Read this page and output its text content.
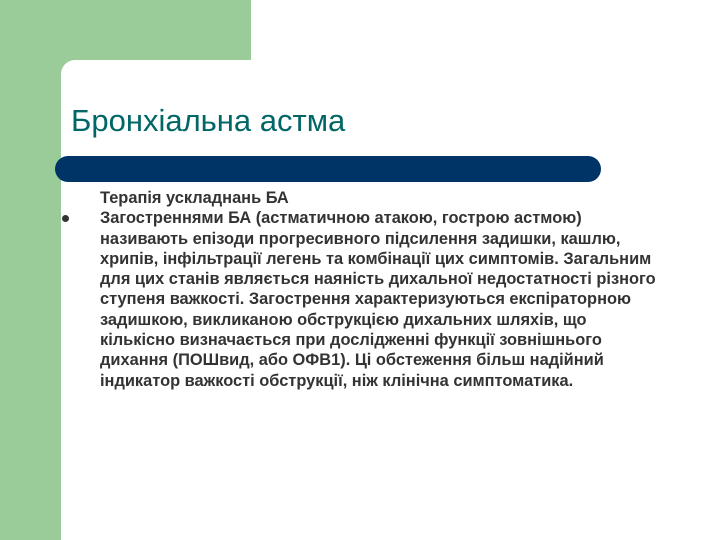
Бронхіальна астма
Терапія ускладнань БА
Загостреннями БА (астматичною атакою, гострою астмою) називають епізоди прогресивного підсилення задишки, кашлю, хрипів, інфільтрації легень та комбінації цих симптомів. Загальним для цих станів являється наяність дихальної недостатності різного ступеня важкості. Загострення характеризуються експіраторною задишкою, викликаною обструкцією дихальних шляхів, що кількісно визначається при дослідженні функції зовнішнього дихання (ПОШвид, або ОФВ1). Ці обстеження більш надійний індикатор важкості обструкції, ніж клінічна симптоматика.
